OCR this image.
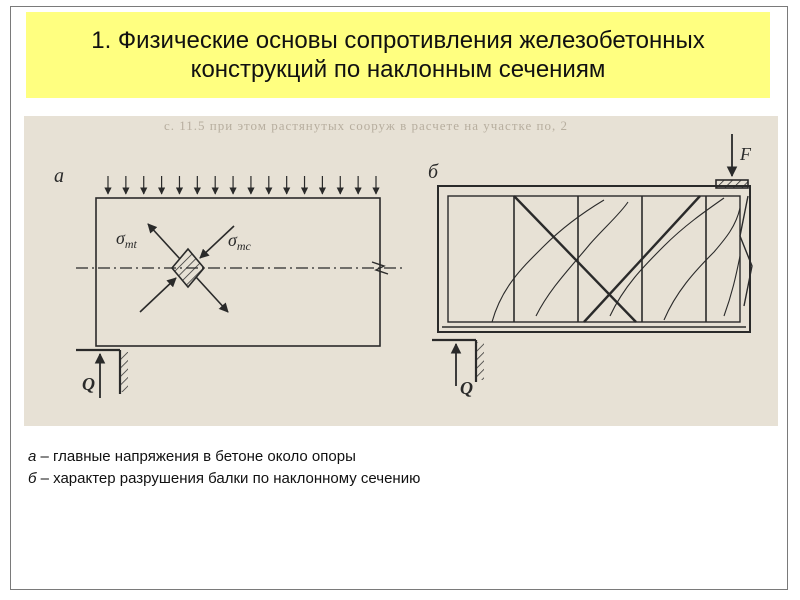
1. Физические основы сопротивления железобетонных
конструкций по наклонным сечениям
с. 11.5 при этом растянутых сооруж в расчете на участке по, 2
а
$\sigma_{mt}$	$\sigma_{mc}$
Q
б
F
Q
а – главные напряжения в бетоне около опоры
б – характер разрушения балки по наклонному сечению
